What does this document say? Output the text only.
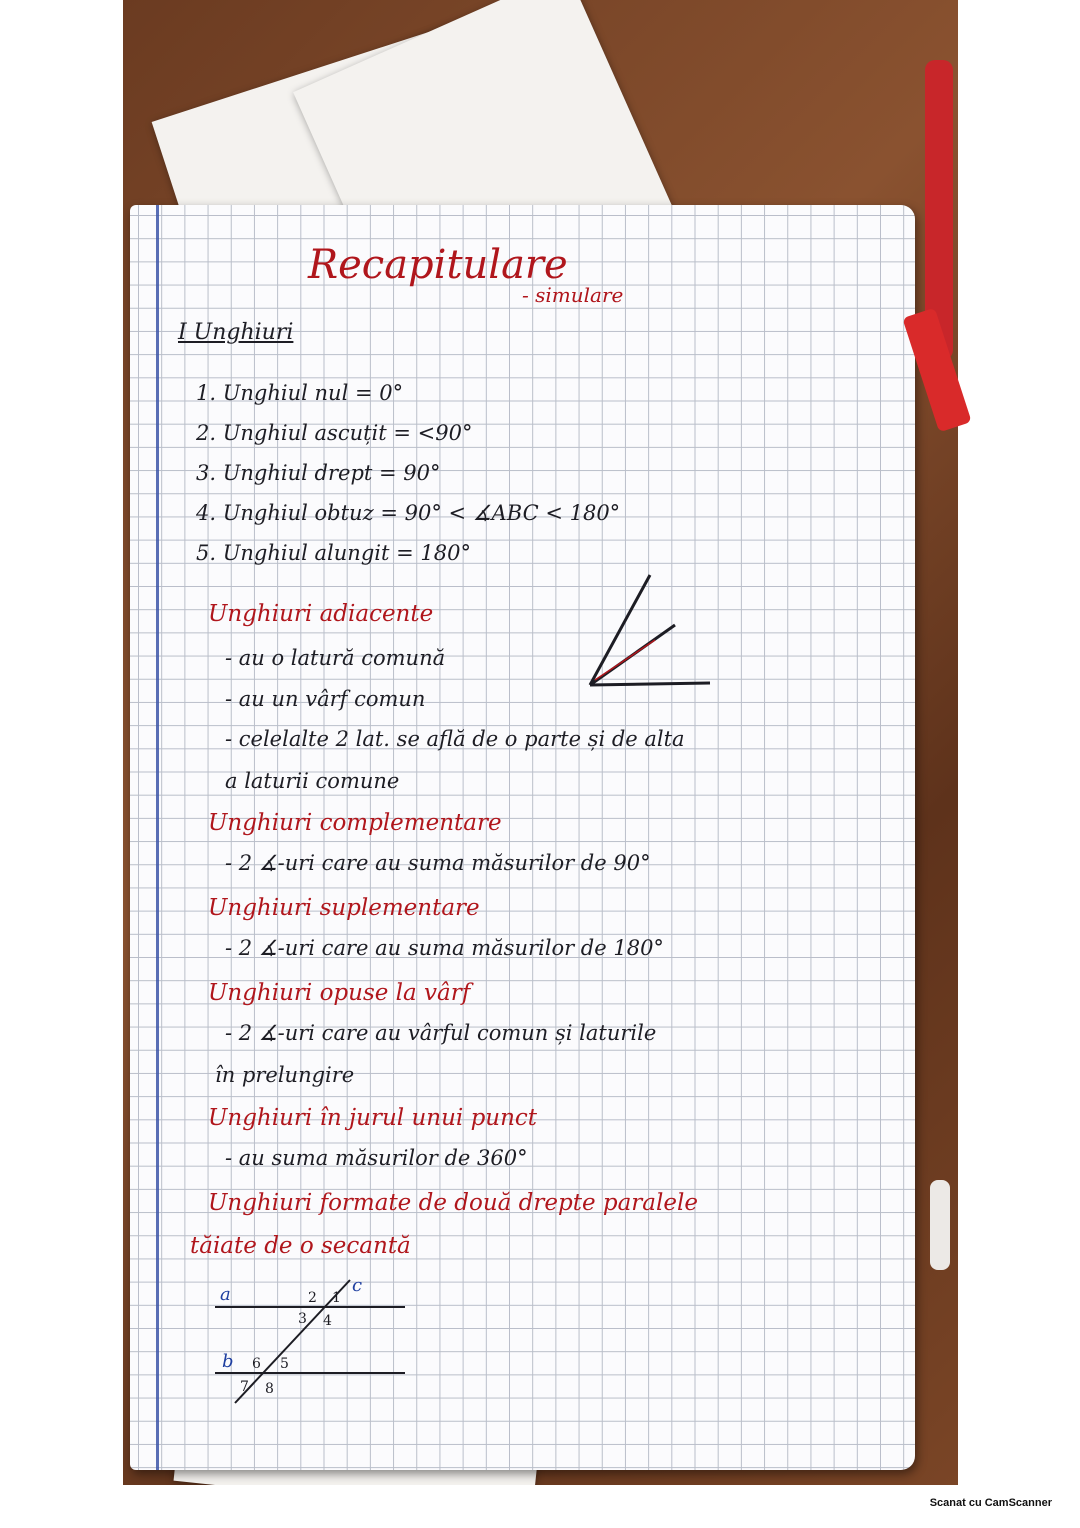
Recapitulare
- simulare
I Unghiuri
1. Unghiul nul = 0°
2. Unghiul ascuțit = <90°
3. Unghiul drept = 90°
4. Unghiul obtuz = 90° < ∡ABC < 180°
5. Unghiul alungit = 180°
Unghiuri adiacente
- au o latură comună
- au un vârf comun
- celelalte 2 lat. se află de o parte și de alta
a laturii comune
Unghiuri complementare
- 2 ∡-uri care au suma măsurilor de 90°
Unghiuri suplementare
- 2 ∡-uri care au suma măsurilor de 180°
Unghiuri opuse la vârf
- 2 ∡-uri care au vârful comun și laturile
în prelungire
Unghiuri în jurul unui punct
- au suma măsurilor de 360°
Unghiuri formate de două drepte paralele
tăiate de o secantă
a
b
c
1
2
3 4
5
6
7 8
Scanat cu CamScanner
